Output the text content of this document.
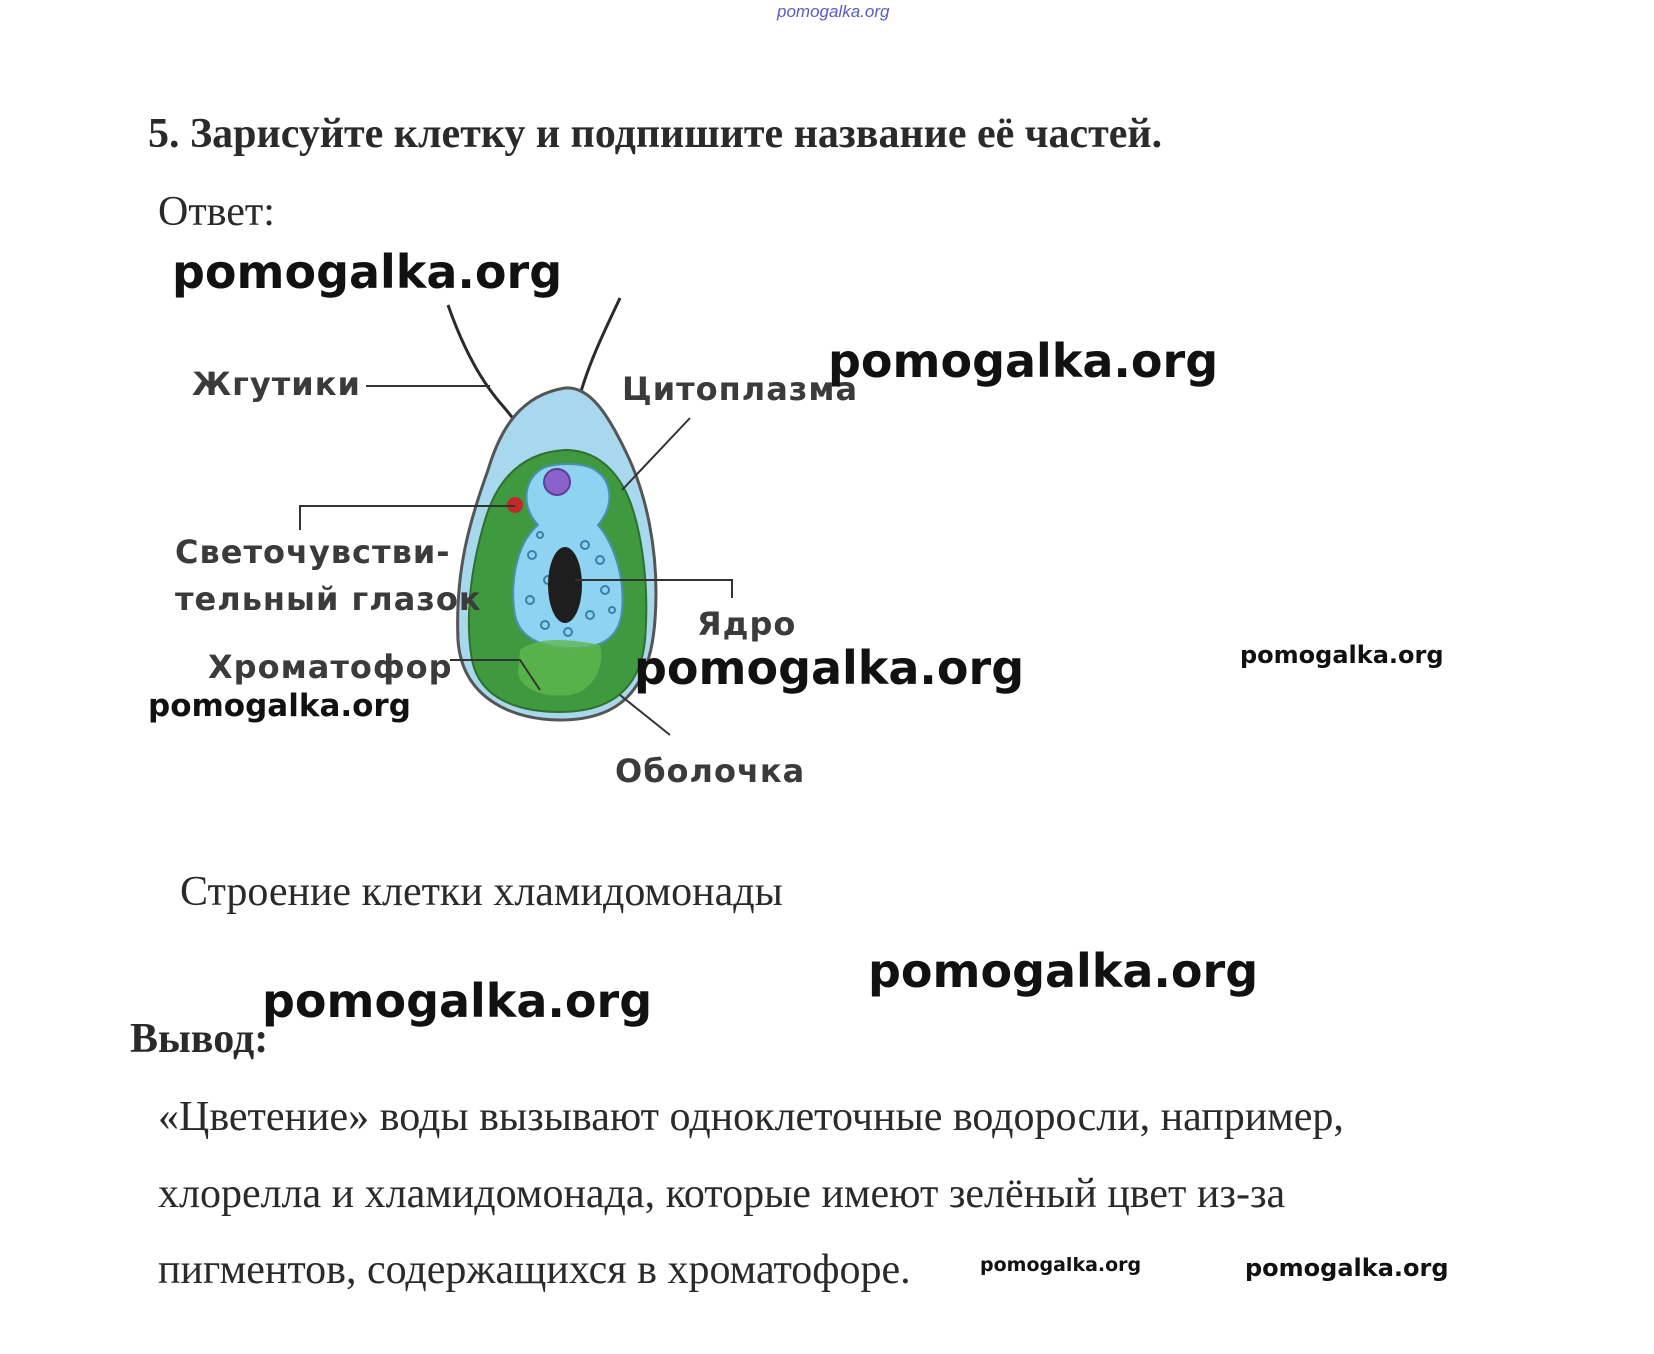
pomogalka.org
5. Зарисуйте клетку и подпишите название её частей.
Ответ:
Жгутики	Цитоплазма
Светочувстви-
тельный глазок
Ядро
Хроматофор
Оболочка
Строение клетки хламидомонады
Вывод:
«Цветение» воды вызывают одноклеточные водоросли, например,
хлорелла и хламидомонада, которые имеют зелёный цвет из-за
пигментов, содержащихся в хроматофоре.
pomogalka.org
pomogalka.org
pomogalka.org	pomogalka.org
pomogalka.org
pomogalka.org
pomogalka.org
pomogalka.org	pomogalka.org
